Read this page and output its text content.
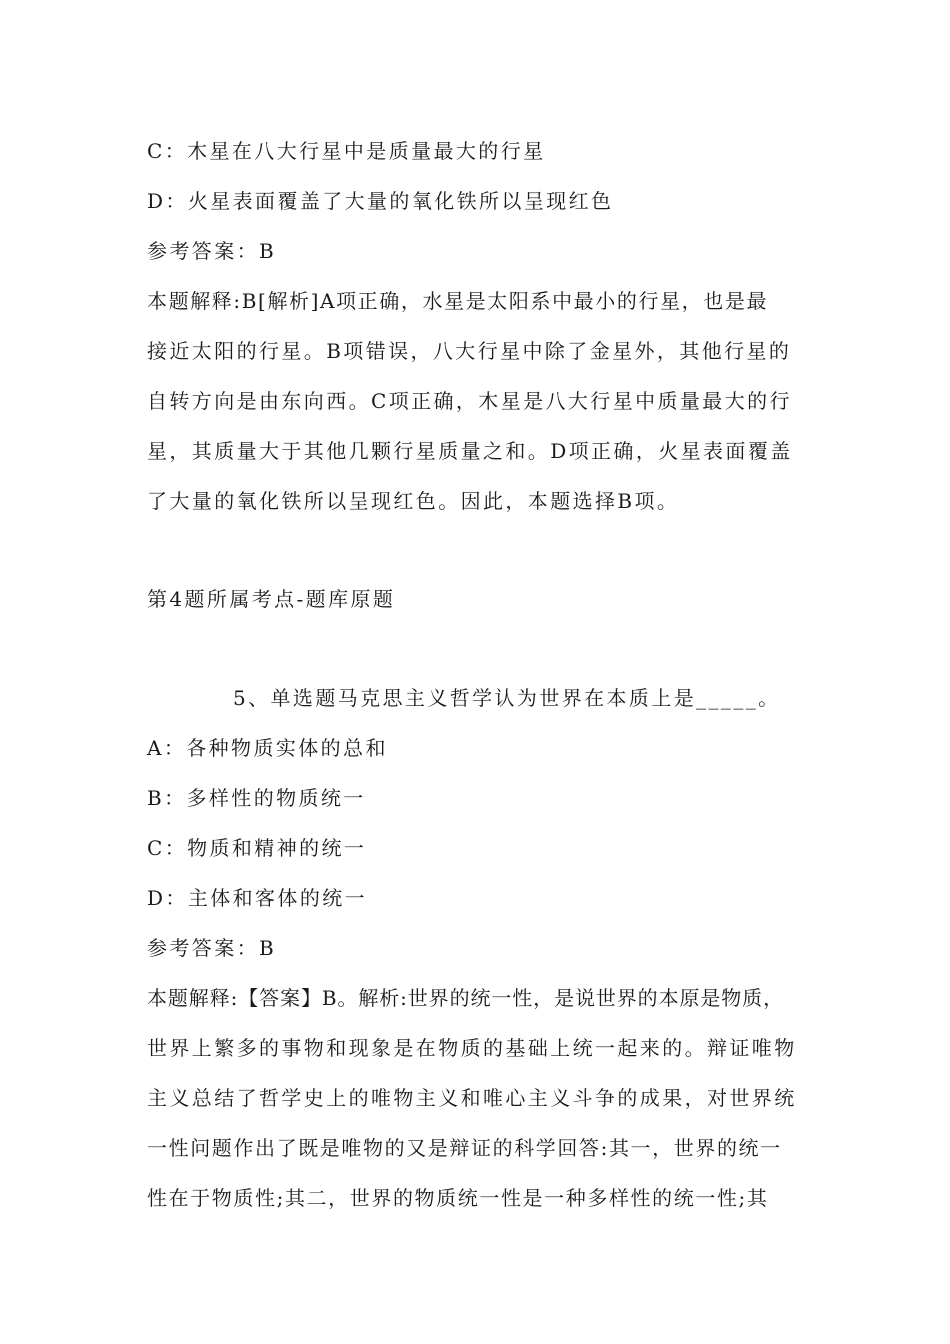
C：木星在八大行星中是质量最大的行星
D：火星表面覆盖了大量的氧化铁所以呈现红色
参考答案：B
本题解释:B[解析]A项正确，水星是太阳系中最小的行星，也是最
接近太阳的行星。B项错误，八大行星中除了金星外，其他行星的
自转方向是由东向西。C项正确，木星是八大行星中质量最大的行
星，其质量大于其他几颗行星质量之和。D项正确，火星表面覆盖
了大量的氧化铁所以呈现红色。因此，本题选择B项。
第4题所属考点-题库原题
5、单选题马克思主义哲学认为世界在本质上是_____。
A：各种物质实体的总和
B：多样性的物质统一
C：物质和精神的统一
D：主体和客体的统一
参考答案：B
本题解释:【答案】B。解析:世界的统一性，是说世界的本原是物质，
世界上繁多的事物和现象是在物质的基础上统一起来的。辩证唯物
主义总结了哲学史上的唯物主义和唯心主义斗争的成果，对世界统
一性问题作出了既是唯物的又是辩证的科学回答:其一，世界的统一
性在于物质性;其二，世界的物质统一性是一种多样性的统一性;其
